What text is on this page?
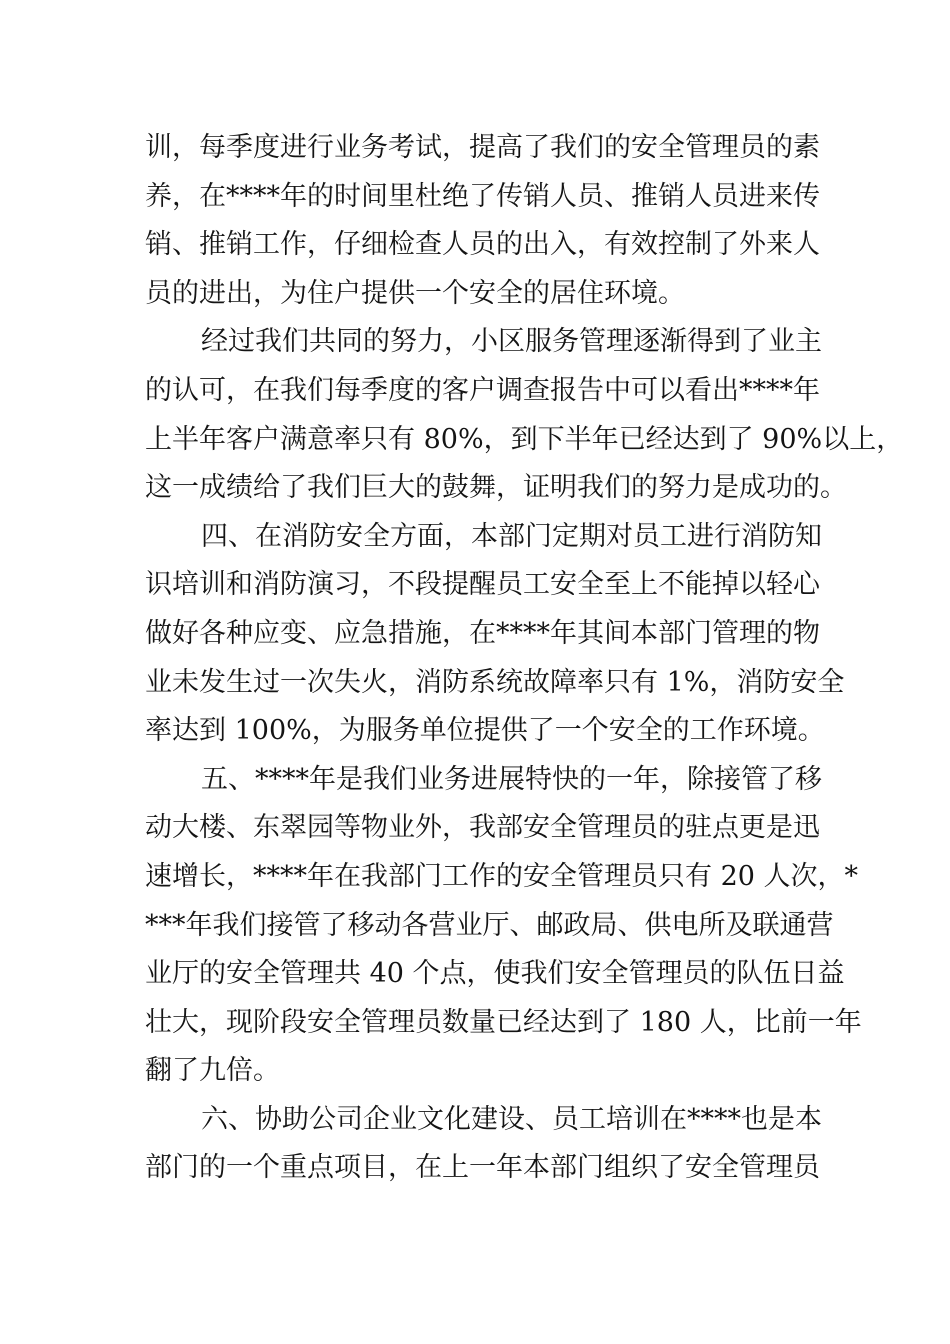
训，每季度进行业务考试，提高了我们的安全管理员的素
养，在****年的时间里杜绝了传销人员、推销人员进来传
销、推销工作，仔细检查人员的出入，有效控制了外来人
员的进出，为住户提供一个安全的居住环境。
经过我们共同的努力，小区服务管理逐渐得到了业主
的认可，在我们每季度的客户调查报告中可以看出****年
上半年客户满意率只有 80%，到下半年已经达到了 90%以上，
这一成绩给了我们巨大的鼓舞，证明我们的努力是成功的。
四、在消防安全方面，本部门定期对员工进行消防知
识培训和消防演习，不段提醒员工安全至上不能掉以轻心
做好各种应变、应急措施，在****年其间本部门管理的物
业未发生过一次失火，消防系统故障率只有 1%，消防安全
率达到 100%，为服务单位提供了一个安全的工作环境。
五、****年是我们业务进展特快的一年，除接管了移
动大楼、东翠园等物业外，我部安全管理员的驻点更是迅
速增长，****年在我部门工作的安全管理员只有 20 人次，*
***年我们接管了移动各营业厅、邮政局、供电所及联通营
业厅的安全管理共 40 个点，使我们安全管理员的队伍日益
壮大，现阶段安全管理员数量已经达到了 180 人，比前一年
翻了九倍。
六、协助公司企业文化建设、员工培训在****也是本
部门的一个重点项目，在上一年本部门组织了安全管理员
